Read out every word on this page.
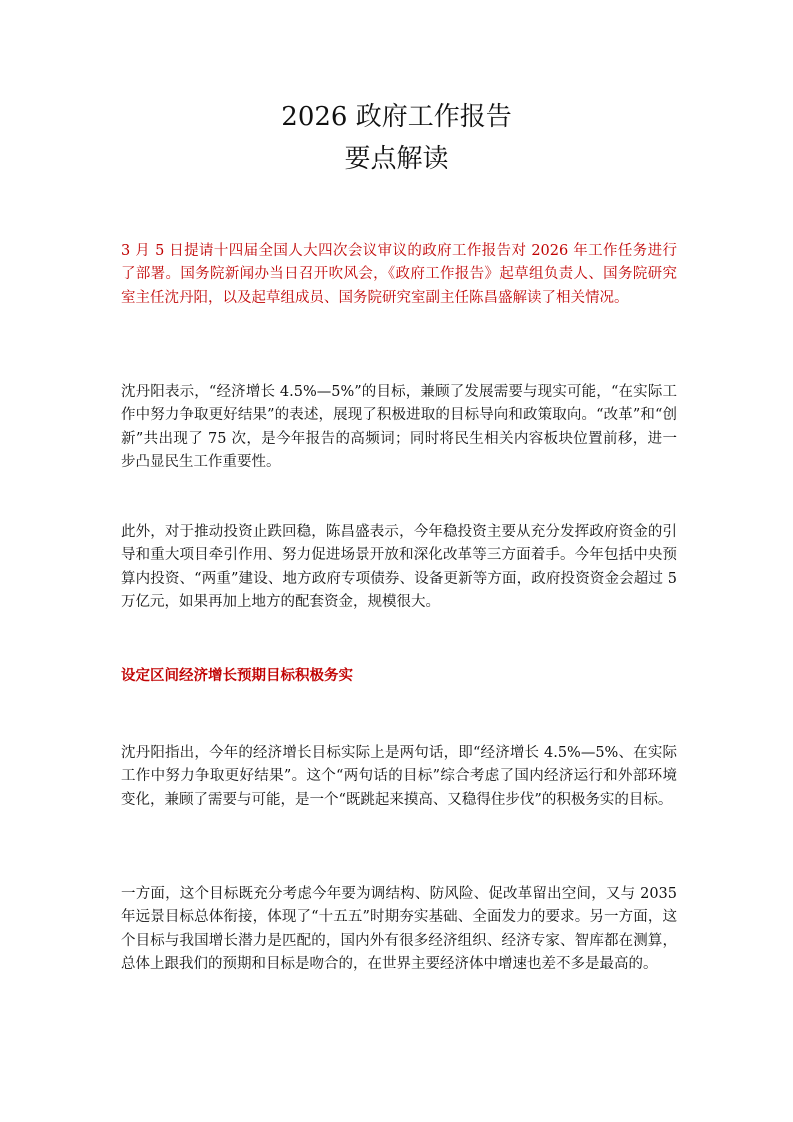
2026 政府工作报告
要点解读

3 月 5 日提请十四届全国人大四次会议审议的政府工作报告对 2026 年工作任务进行了部署。国务院新闻办当日召开吹风会，《政府工作报告》起草组负责人、国务院研究室主任沈丹阳，以及起草组成员、国务院研究室副主任陈昌盛解读了相关情况。

沈丹阳表示，“经济增长 4.5%—5%”的目标，兼顾了发展需要与现实可能，“在实际工作中努力争取更好结果”的表述，展现了积极进取的目标导向和政策取向。“改革”和“创新”共出现了 75 次，是今年报告的高频词；同时将民生相关内容板块位置前移，进一步凸显民生工作重要性。

此外，对于推动投资止跌回稳，陈昌盛表示，今年稳投资主要从充分发挥政府资金的引导和重大项目牵引作用、努力促进场景开放和深化改革等三方面着手。今年包括中央预算内投资、“两重”建设、地方政府专项债券、设备更新等方面，政府投资资金会超过 5 万亿元，如果再加上地方的配套资金，规模很大。

设定区间经济增长预期目标积极务实

沈丹阳指出，今年的经济增长目标实际上是两句话，即“经济增长 4.5%—5%、在实际工作中努力争取更好结果”。这个“两句话的目标”综合考虑了国内经济运行和外部环境变化，兼顾了需要与可能，是一个“既跳起来摸高、又稳得住步伐”的积极务实的目标。

一方面，这个目标既充分考虑今年要为调结构、防风险、促改革留出空间，又与 2035 年远景目标总体衔接，体现了“十五五”时期夯实基础、全面发力的要求。另一方面，这个目标与我国增长潜力是匹配的，国内外有很多经济组织、经济专家、智库都在测算，总体上跟我们的预期和目标是吻合的，在世界主要经济体中增速也差不多是最高的。
